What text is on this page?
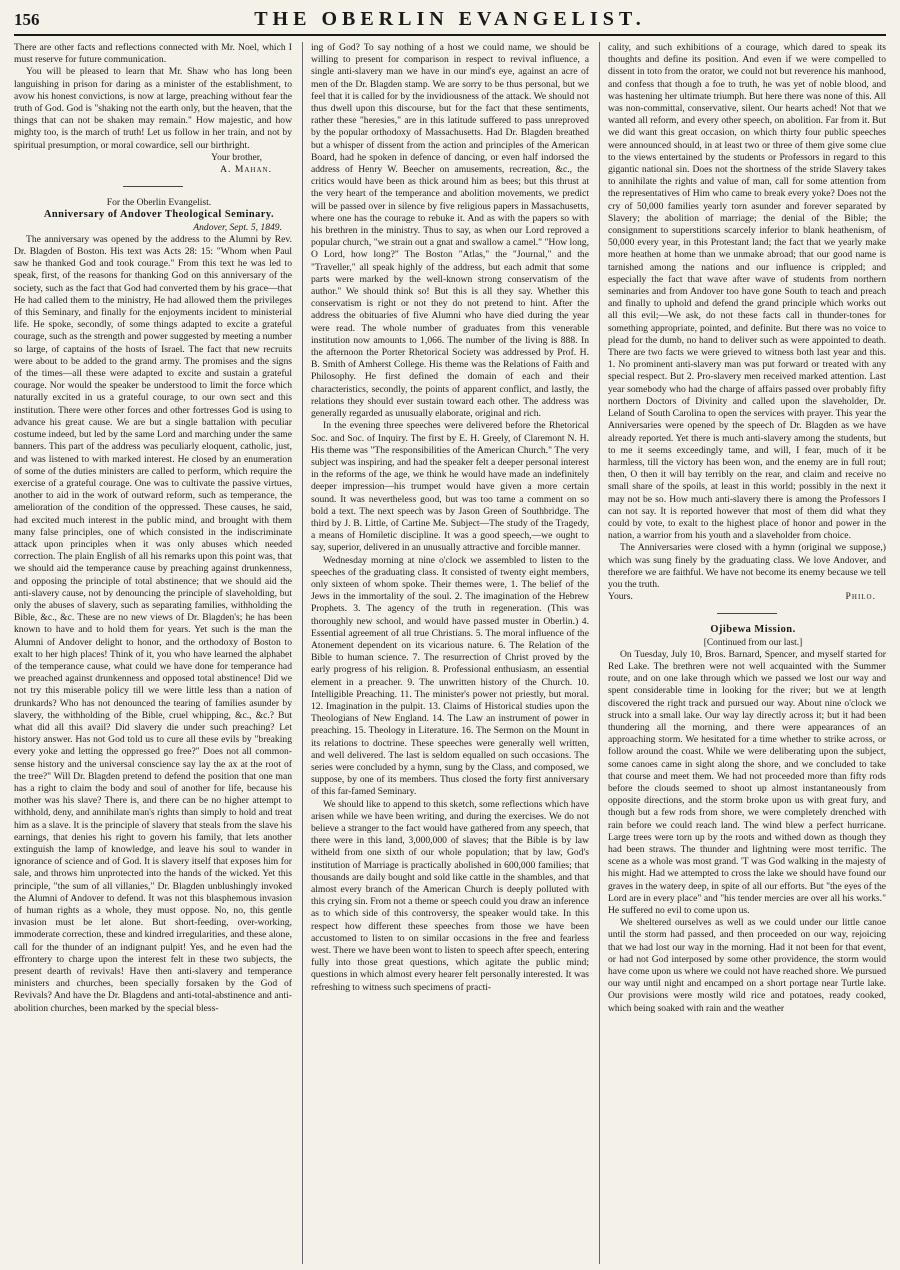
156	THE OBERLIN EVANGELIST.

There are other facts and reflections connected with Mr. Noel, which I must reserve for future communication.

You will be pleased to learn that Mr. Shaw who has long been languishing in prison for daring as a minister of the establishment, to avow his honest convictions, is now at large, preaching without fear the truth of God. God is "shaking not the earth only, but the heaven, that the things that can not be shaken may remain." How majestic, and how mighty too, is the march of truth! Let us follow in her train, and not by spiritual presumption, or moral cowardice, sell our birthright.

Your brother,

A. Mahan.

For the Oberlin Evangelist.

Anniversary of Andover Theological Seminary.

Andover, Sept. 5, 1849.

The anniversary was opened by the address to the Alumni by Rev. Dr. Blagden of Boston. His text was Acts 28: 15: "Whom when Paul saw he thanked God and took courage." From this text he was led to speak, first, of the reasons for thanking God on this anniversary of the society, such as the fact that God had converted them by his grace—that He had called them to the ministry, He had allowed them the privileges of this Seminary, and finally for the enjoyments incident to ministerial life. He spoke, secondly, of some things adapted to excite a grateful courage, such as the strength and power suggested by meeting a number so large, of captains of the hosts of Israel. The fact that new recruits were about to be added to the grand army. The promises and the signs of the times—all these were adapted to excite and sustain a grateful courage. Nor would the speaker be understood to limit the force which naturally excited in us a grateful courage, to our own sect and this institution. There were other forces and other fortresses God is using to advance his great cause. We are but a single battalion with peculiar costume indeed, but led by the same Lord and marching under the same banners. This part of the address was peculiarly eloquent, catholic, just, and was listened to with marked interest. He closed by an enumeration of some of the duties ministers are called to perform, which require the exercise of a grateful courage. One was to cultivate the passive virtues, another to aid in the work of outward reform, such as temperance, the amelioration of the condition of the oppressed. These causes, he said, had excited much interest in the public mind, and brought with them many false principles, one of which consisted in the indiscriminate attack upon principles when it was only abuses which needed correction. The plain English of all his remarks upon this point was, that we should aid the temperance cause by preaching against drunkenness, and opposing the principle of total abstinence; that we should aid the anti-slavery cause, not by denouncing the principle of slaveholding, but only the abuses of slavery, such as separating families, withholding the Bible, &c., &c. These are no new views of Dr. Blagden's; he has been known to have and to hold them for years. Yet such is the man the Alumni of Andover delight to honor, and the orthodoxy of Boston to exalt to her high places! Think of it, you who have learned the alphabet of the temperance cause, what could we have done for temperance had we preached against drunkenness and opposed total abstinence! Did we not try this miserable policy till we were little less than a nation of drunkards? Who has not denounced the tearing of families asunder by slavery, the withholding of the Bible, cruel whipping, &c., &c.? But what did all this avail? Did slavery die under such preaching? Let history answer. Has not God told us to cure all these evils by "breaking every yoke and letting the oppressed go free?" Does not all common-sense history and the universal conscience say lay the ax at the root of the tree?" Will Dr. Blagden pretend to defend the position that one man has a right to claim the body and soul of another for life, because his mother was his slave? There is, and there can be no higher attempt to withhold, deny, and annihilate man's rights than simply to hold and treat him as a slave. It is the principle of slavery that steals from the slave his earnings, that denies his right to govern his family, that lets another extinguish the lamp of knowledge, and leave his soul to wander in ignorance of science and of God. It is slavery itself that exposes him for sale, and throws him unprotected into the hands of the wicked. Yet this principle, "the sum of all villanies," Dr. Blagden unblushingly invoked the Alumni of Andover to defend. It was not this blasphemous invasion of human rights as a whole, they must oppose. No, no, this gentle invasion must be let alone. But short-feeding, over-working, immoderate correction, these and kindred irregularities, and these alone, call for the thunder of an indignant pulpit! Yes, and he even had the effrontery to charge upon the interest felt in these two subjects, the present dearth of revivals! Have then anti-slavery and temperance ministers and churches, been specially forsaken by the God of Revivals? And have the Dr. Blagdens and anti-total-abstinence and anti-abolition churches, been marked by the special bless-

ing of God? To say nothing of a host we could name, we should be willing to present for comparison in respect to revival influence, a single anti-slavery man we have in our mind's eye, against an acre of men of the Dr. Blagden stamp. We are sorry to be thus personal, but we feel that it is called for by the invidiousness of the attack. We should not thus dwell upon this discourse, but for the fact that these sentiments, rather these "heresies," are in this latitude suffered to pass unreproved by the popular orthodoxy of Massachusetts. Had Dr. Blagden breathed but a whisper of dissent from the action and principles of the American Board, had he spoken in defence of dancing, or even half indorsed the address of Henry W. Beecher on amusements, recreation, &c., the critics would have been as thick around him as bees; but this thrust at the very heart of the temperance and abolition movements, we predict will be passed over in silence by five religious papers in Massachusetts, where one has the courage to rebuke it. And as with the papers so with his brethren in the ministry. Thus to say, as when our Lord reproved a popular church, "we strain out a gnat and swallow a camel." "How long, O Lord, how long?" The Boston "Atlas," the "Journal," and the "Traveller," all speak highly of the address, but each admit that some parts were marked by the well-known strong conservatism of the author." We should think so! But this is all they say. Whether this conservatism is right or not they do not pretend to hint. After the address the obituaries of five Alumni who have died during the year were read. The whole number of graduates from this venerable institution now amounts to 1,066. The number of the living is 888. In the afternoon the Porter Rhetorical Society was addressed by Prof. H. B. Smith of Amherst College. His theme was the Relations of Faith and Philosophy. He first defined the domain of each and their characteristics, secondly, the points of apparent conflict, and lastly, the relations they should ever sustain toward each other. The address was generally regarded as unusually elaborate, original and rich.

In the evening three speeches were delivered before the Rhetorical Soc. and Soc. of Inquiry. The first by E. H. Greely, of Claremont N. H. His theme was "The responsibilities of the American Church." The very subject was inspiring, and had the speaker felt a deeper personal interest in the reforms of the age, we think he would have made an indefinitely deeper impression—his trumpet would have given a more certain sound. It was nevertheless good, but was too tame a comment on so bold a text. The next speech was by Jason Green of Southbridge. The third by J. B. Little, of Cartine Me. Subject—The study of the Tragedy, a means of Homiletic discipline. It was a good speech,—we ought to say, superior, delivered in an unusually attractive and forcible manner.

Wednesday morning at nine o'clock we assembled to listen to the speeches of the graduating class. It consisted of twenty eight members, only sixteen of whom spoke. Their themes were, 1. The belief of the Jews in the immortality of the soul. 2. The imagination of the Hebrew Prophets. 3. The agency of the truth in regeneration. (This was thoroughly new school, and would have passed muster in Oberlin.) 4. Essential agreement of all true Christians. 5. The moral influence of the Atonement dependent on its vicarious nature. 6. The Relation of the Bible to human science. 7. The resurrection of Christ proved by the early progress of his religion. 8. Professional enthusiasm, an essential element in a preacher. 9. The unwritten history of the Church. 10. Intelligible Preaching. 11. The minister's power not priestly, but moral. 12. Imagination in the pulpit. 13. Claims of Historical studies upon the Theologians of New England. 14. The Law an instrument of power in preaching. 15. Theology in Literature. 16. The Sermon on the Mount in its relations to doctrine. These speeches were generally well written, and well delivered. The last is seldom equalled on such occasions. The series were concluded by a hymn, sung by the Class, and composed, we suppose, by one of its members. Thus closed the forty first anniversary of this far-famed Seminary.

We should like to append to this sketch, some reflections which have arisen while we have been writing, and during the exercises. We do not believe a stranger to the fact would have gathered from any speech, that there were in this land, 3,000,000 of slaves; that the Bible is by law witheld from one sixth of our whole population; that by law, God's institution of Marriage is practically abolished in 600,000 families; that thousands are daily bought and sold like cattle in the shambles, and that almost every branch of the American Church is deeply polluted with this crying sin. From not a theme or speech could you draw an inference as to which side of this controversy, the speaker would take. In this respect how different these speeches from those we have been accustomed to listen to on similar occasions in the free and fearless west. There we have been wont to listen to speech after speech, entering fully into those great questions, which agitate the public mind; questions in which almost every hearer felt personally interested. It was refreshing to witness such specimens of practi-

cality, and such exhibitions of a courage, which dared to speak its thoughts and define its position. And even if we were compelled to dissent in toto from the orator, we could not but reverence his manhood, and confess that though a foe to truth, he was yet of noble blood, and was hastening her ultimate triumph. But here there was none of this. All was non-committal, conservative, silent. Our hearts ached! Not that we wanted all reform, and every other speech, on abolition. Far from it. But we did want this great occasion, on which thirty four public speeches were announced should, in at least two or three of them give some clue to the views entertained by the students or Professors in regard to this gigantic national sin. Does not the shortness of the stride Slavery takes to annihilate the rights and value of man, call for some attention from the representatives of Him who came to break every yoke? Does not the cry of 50,000 families yearly torn asunder and forever separated by Slavery; the abolition of marriage; the denial of the Bible; the consignment to superstitions scarcely inferior to blank heathenism, of 50,000 every year, in this Protestant land; the fact that we yearly make more heathen at home than we unmake abroad; that our good name is tarnished among the nations and our influence is crippled; and especially the fact that wave after wave of students from northern seminaries and from Andover too have gone South to teach and preach and finally to uphold and defend the grand principle which works out all this evil;—We ask, do not these facts call in thunder-tones for something appropriate, pointed, and definite. But there was no voice to plead for the dumb, no hand to deliver such as were appointed to death. There are two facts we were grieved to witness both last year and this. 1. No prominent anti-slavery man was put forward or treated with any special respect. But 2. Pro-slavery men received marked attention. Last year somebody who had the charge of affairs passed over probably fifty northern Doctors of Divinity and called upon the slaveholder, Dr. Leland of South Carolina to open the services with prayer. This year the Anniversaries were opened by the speech of Dr. Blagden as we have already reported. Yet there is much anti-slavery among the students, but to me it seems exceedingly tame, and will, I fear, much of it be harmless, till the victory has been won, and the enemy are in full rout; then, O then it will bay terribly on the rear, and claim and receive no small share of the spoils, at least in this world; possibly in the next it may not be so. How much anti-slavery there is among the Professors I can not say. It is reported however that most of them did what they could by vote, to exalt to the highest place of honor and power in the nation, a warrior from his youth and a slaveholder from choice.

The Anniversaries were closed with a hymn (original we suppose,) which was sung finely by the graduating class. We love Andover, and therefore we are faithful. We have not become its enemy because we tell you the truth.

Yours.	Philo.

Ojibewa Mission.

[Continued from our last.]

On Tuesday, July 10, Bros. Barnard, Spencer, and myself started for Red Lake. The brethren were not well acquainted with the Summer route, and on one lake through which we passed we lost our way and spent considerable time in looking for the river; but we at length discovered the right track and pursued our way. About nine o'clock we struck into a small lake. Our way lay directly across it; but it had been thundering all the morning, and there were appearances of an approaching storm. We hesitated for a time whether to strike across, or follow around the coast. While we were deliberating upon the subject, some canoes came in sight along the shore, and we concluded to take that course and meet them. We had not proceeded more than fifty rods before the clouds seemed to shoot up almost instantaneously from opposite directions, and the storm broke upon us with great fury, and though but a few rods from shore, we were completely drenched with rain before we could reach land. The wind blew a perfect hurricane. Large trees were torn up by the roots and withed down as though they had been straws. The thunder and lightning were most terrific. The scene as a whole was most grand. 'T was God walking in the majesty of his might. Had we attempted to cross the lake we should have found our graves in the watery deep, in spite of all our efforts. But "the eyes of the Lord are in every place" and "his tender mercies are over all his works." He suffered no evil to come upon us.

We sheltered ourselves as well as we could under our little canoe until the storm had passed, and then proceeded on our way, rejoicing that we had lost our way in the morning. Had it not been for that event, or had not God interposed by some other providence, the storm would have come upon us where we could not have reached shore. We pursued our way until night and encamped on a short portage near Turtle lake. Our provisions were mostly wild rice and potatoes, ready cooked, which being soaked with rain and the weather
